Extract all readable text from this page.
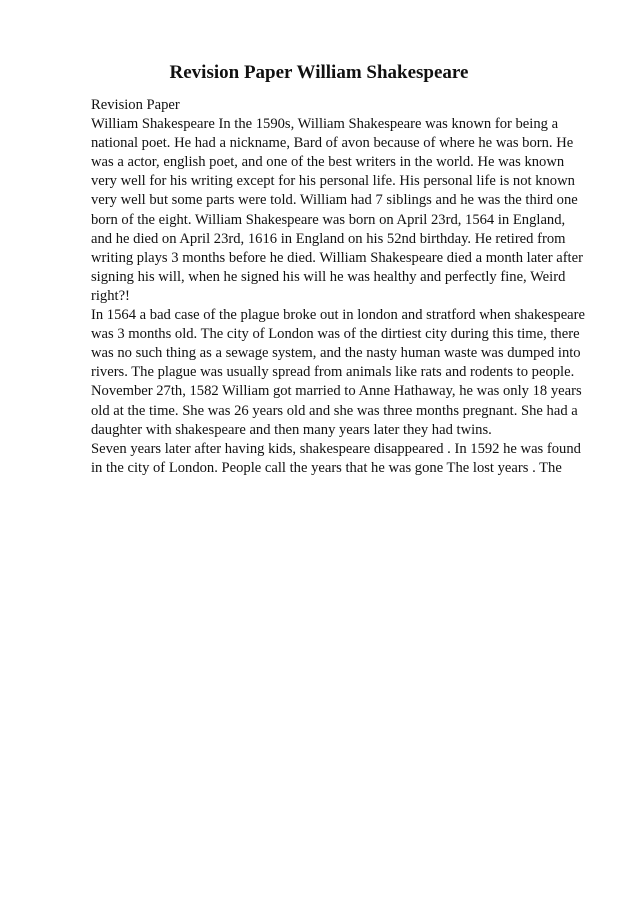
Revision Paper William Shakespeare
Revision Paper
William Shakespeare In the 1590s, William Shakespeare was known for being a
national poet. He had a nickname, Bard of avon because of where he was born. He
was a actor, english poet, and one of the best writers in the world. He was known
very well for his writing except for his personal life. His personal life is not known
very well but some parts were told. William had 7 siblings and he was the third one
born of the eight. William Shakespeare was born on April 23rd, 1564 in England,
and he died on April 23rd, 1616 in England on his 52nd birthday. He retired from
writing plays 3 months before he died. William Shakespeare died a month later after
signing his will, when he signed his will he was healthy and perfectly fine, Weird
right?!
In 1564 a bad case of the plague broke out in london and stratford when shakespeare
was 3 months old. The city of London was of the dirtiest city during this time, there
was no such thing as a sewage system, and the nasty human waste was dumped into
rivers. The plague was usually spread from animals like rats and rodents to people.
November 27th, 1582 William got married to Anne Hathaway, he was only 18 years
old at the time. She was 26 years old and she was three months pregnant. She had a
daughter with shakespeare and then many years later they had twins.
Seven years later after having kids, shakespeare disappeared . In 1592 he was found
in the city of London. People call the years that he was gone The lost years . The
